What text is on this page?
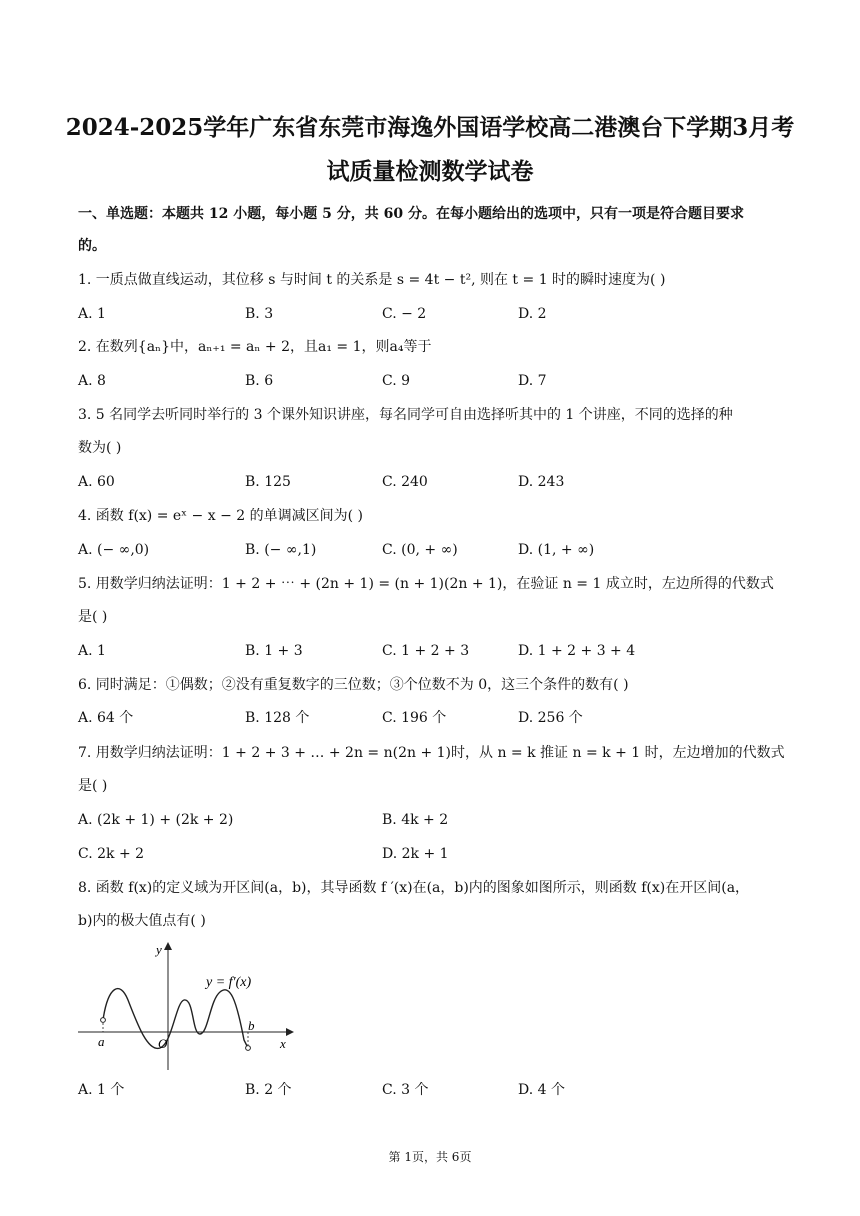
2024-2025学年广东省东莞市海逸外国语学校高二港澳台下学期3月考
试质量检测数学试卷
一、单选题：本题共 12 小题，每小题 5 分，共 60 分。在每小题给出的选项中，只有一项是符合题目要求
的。
1. 一质点做直线运动，其位移 s 与时间 t 的关系是 s = 4t − t², 则在 t = 1 时的瞬时速度为( )
A. 1	B. 3	C. − 2	D. 2
2. 在数列{aₙ}中，aₙ₊₁ = aₙ + 2，且a₁ = 1，则a₄等于
A. 8	B. 6	C. 9	D. 7
3. 5 名同学去听同时举行的 3 个课外知识讲座，每名同学可自由选择听其中的 1 个讲座，不同的选择的种
数为( )
A. 60	B. 125	C. 240	D. 243
4. 函数 f(x) = eˣ − x − 2 的单调减区间为( )
A. (− ∞,0)	B. (− ∞,1)	C. (0, + ∞)	D. (1, + ∞)
5. 用数学归纳法证明：1 + 2 + ⋯ + (2n + 1) = (n + 1)(2n + 1)，在验证 n = 1 成立时，左边所得的代数式
是( )
A. 1	B. 1 + 3	C. 1 + 2 + 3	D. 1 + 2 + 3 + 4
6. 同时满足：①偶数；②没有重复数字的三位数；③个位数不为 0，这三个条件的数有( )
A. 64 个	B. 128 个	C. 196 个	D. 256 个
7. 用数学归纳法证明：1 + 2 + 3 + … + 2n = n(2n + 1)时，从 n = k 推证 n = k + 1 时，左边增加的代数式
是( )
A. (2k + 1) + (2k + 2)	B. 4k + 2
C. 2k + 2	D. 2k + 1
8. 函数 f(x)的定义域为开区间(a，b)，其导函数 f ′(x)在(a，b)内的图象如图所示，则函数 f(x)在开区间(a，
b)内的极大值点有( )
y
y = f′(x)
a	O
b
x
A. 1 个	B. 2 个	C. 3 个	D. 4 个
第 1页，共 6页
